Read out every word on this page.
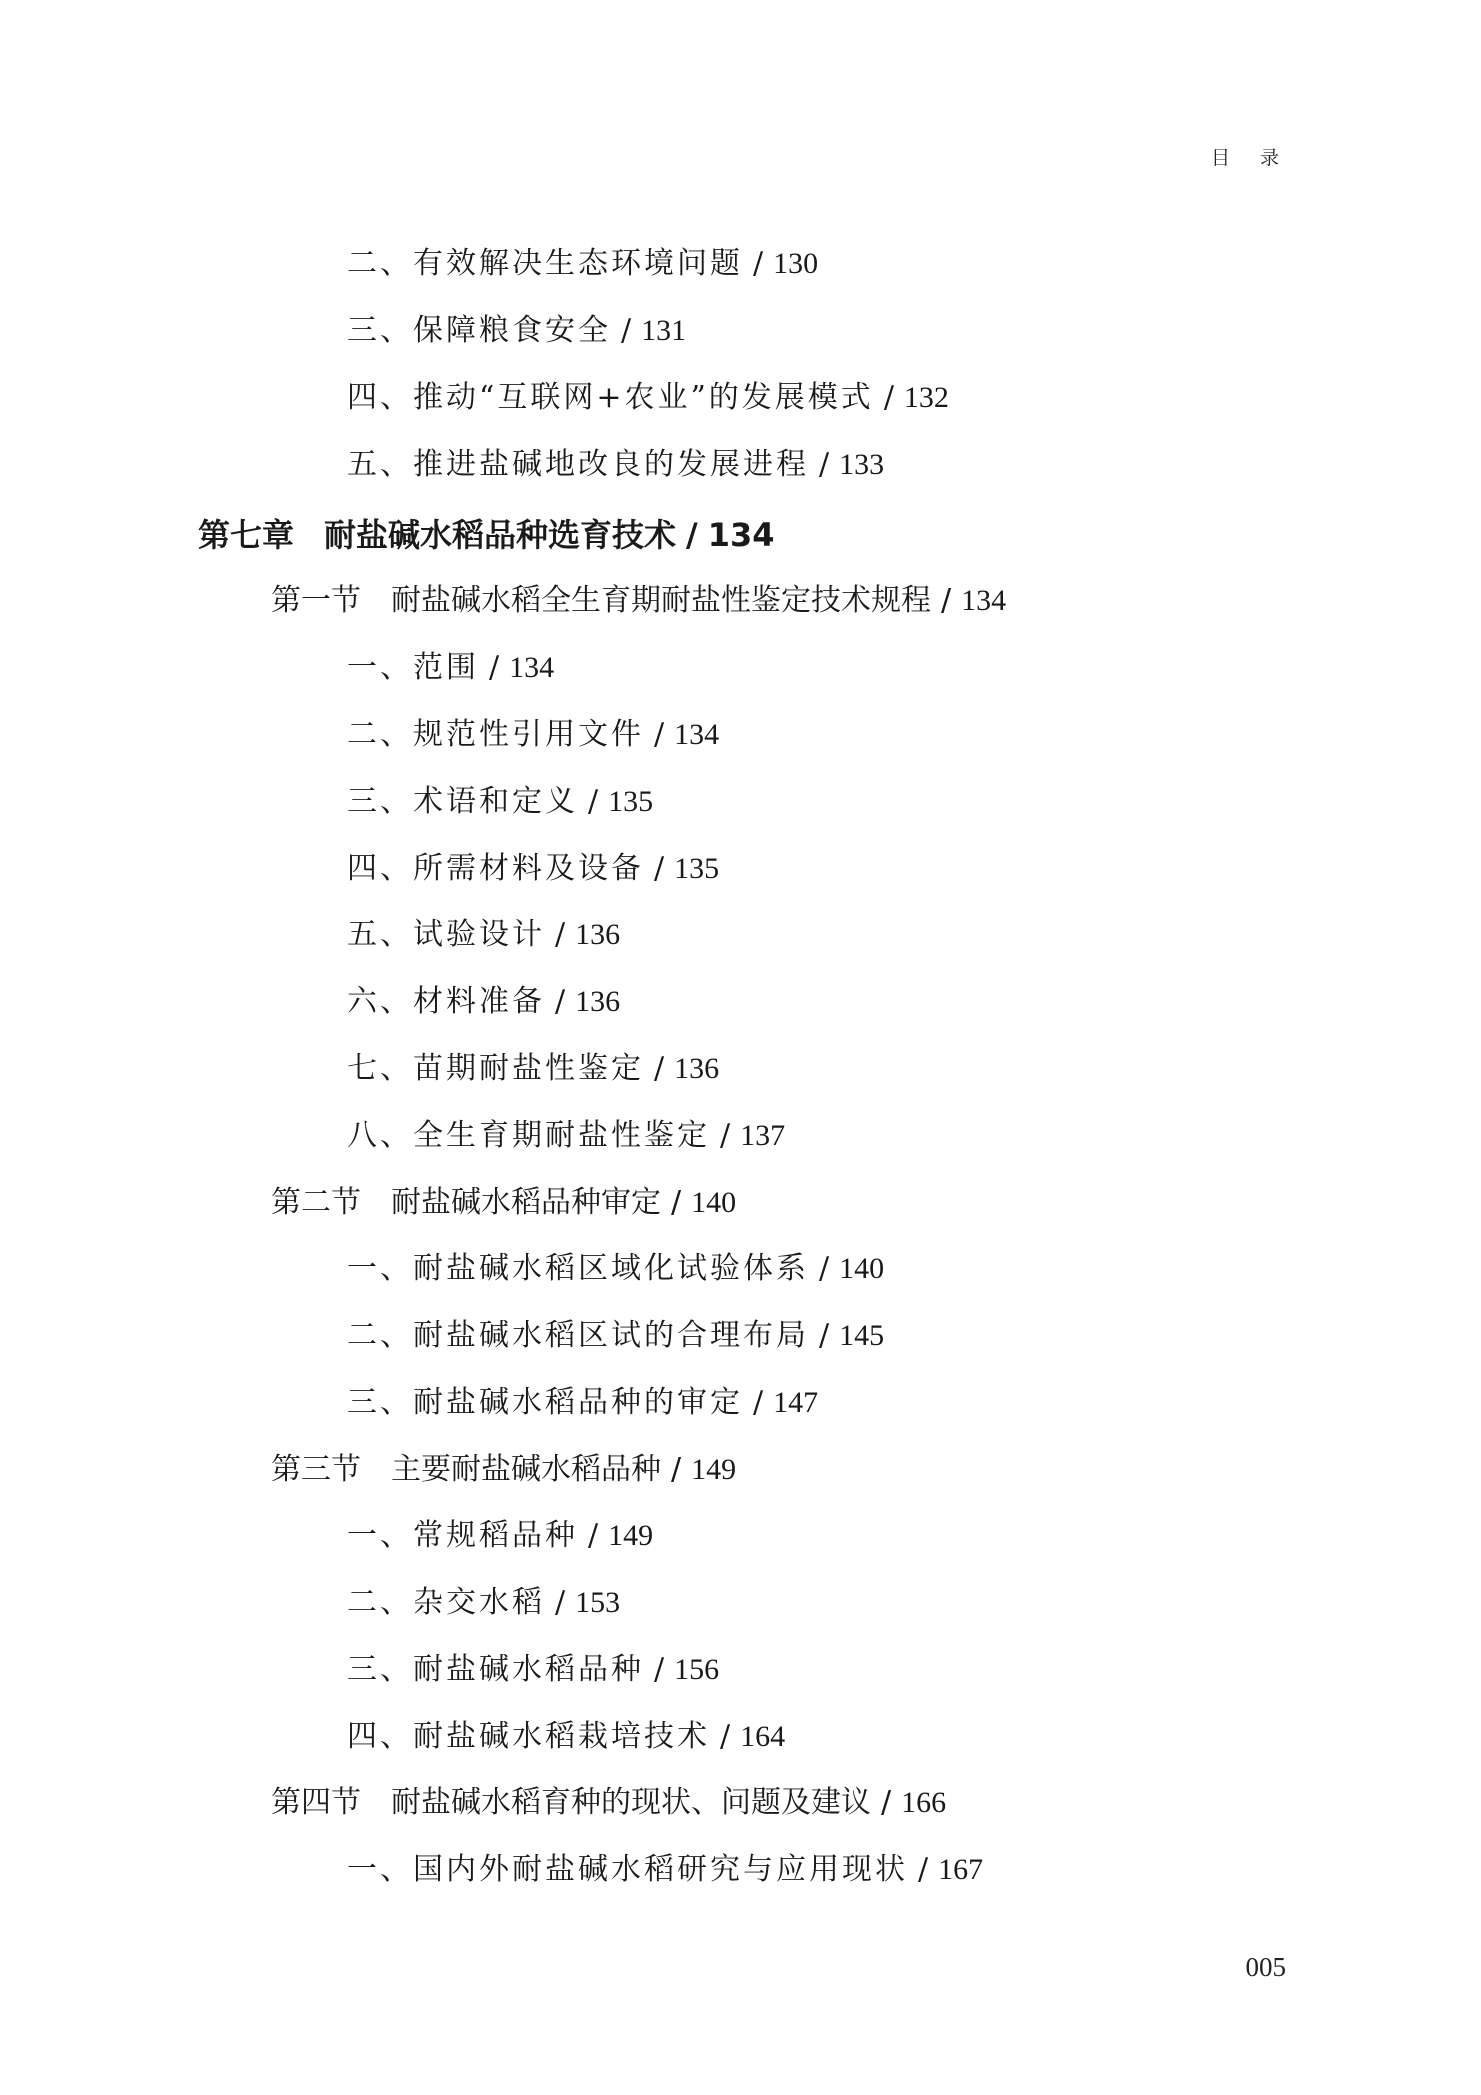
目 录
二、有效解决生态环境问题 / 130
三、保障粮食安全 / 131
四、推动“互联网+农业”的发展模式 / 132
五、推进盐碱地改良的发展进程 / 133
第七章 耐盐碱水稻品种选育技术 / 134
第一节 耐盐碱水稻全生育期耐盐性鉴定技术规程 / 134
一、范围 / 134
二、规范性引用文件 / 134
三、术语和定义 / 135
四、所需材料及设备 / 135
五、试验设计 / 136
六、材料准备 / 136
七、苗期耐盐性鉴定 / 136
八、全生育期耐盐性鉴定 / 137
第二节 耐盐碱水稻品种审定 / 140
一、耐盐碱水稻区域化试验体系 / 140
二、耐盐碱水稻区试的合理布局 / 145
三、耐盐碱水稻品种的审定 / 147
第三节 主要耐盐碱水稻品种 / 149
一、常规稻品种 / 149
二、杂交水稻 / 153
三、耐盐碱水稻品种 / 156
四、耐盐碱水稻栽培技术 / 164
第四节 耐盐碱水稻育种的现状、问题及建议 / 166
一、国内外耐盐碱水稻研究与应用现状 / 167
005
